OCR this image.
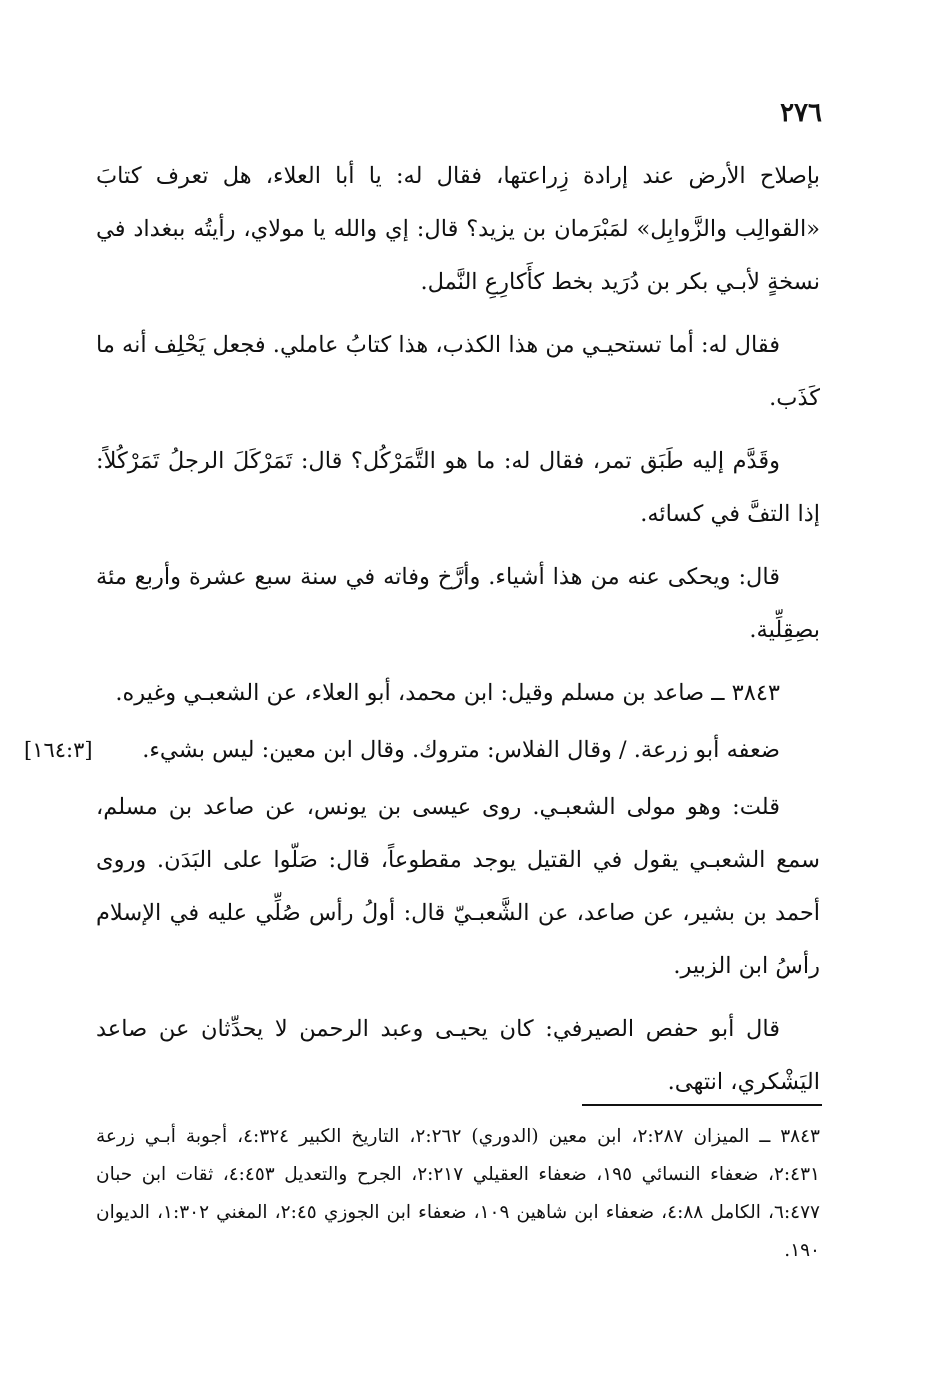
٢٧٦

بإصلاح الأرض عند إرادة زِراعتها، فقال له: يا أبا العلاء، هل تعرف كتابَ «القوالِب والزَّوابِل» لمَبْرَمان بن يزيد؟ قال: إي والله يا مولاي، رأيتُه ببغداد في نسخةٍ لأبـي بكر بن دُرَيد بخط كأَكارِعِ النَّمل.

فقال له: أما تستحيـي من هذا الكذب، هذا كتابُ عاملي. فجعل يَحْلِف أنه ما كَذَب.

وقَدَّم إليه طَبَق تمر، فقال له: ما هو التَّمَرْكُل؟ قال: تَمَرْكَلَ الرجلُ تَمَرْكُلاً: إذا التفَّ في كسائه.

قال: ويحكى عنه من هذا أشياء. وأرَّخ وفاته في سنة سبع عشرة وأربع مئة بصِقِلِّية.

٣٨٤٣ ــ صاعد بن مسلم وقيل: ابن محمد، أبو العلاء، عن الشعبـي وغيره.

ضعفه أبو زرعة. / وقال الفلاس: متروك. وقال ابن معين: ليس بشيء.

[١٦٤:٣]

قلت: وهو مولى الشعبـي. روى عيسى بن يونس، عن صاعد بن مسلم، سمع الشعبـي يقول في القتيل يوجد مقطوعاً، قال: صَلّوا على البَدَن. وروى أحمد بن بشير، عن صاعد، عن الشَّعبـيّ قال: أولُ رأس صُلِّي عليه في الإسلام رأسُ ابن الزبير.

قال أبو حفص الصيرفي: كان يحيـى وعبد الرحمن لا يحدِّثان عن صاعد اليَشْكري، انتهى.

٣٨٤٣ ــ الميزان ٢:٢٨٧، ابن معين (الدوري) ٢:٢٦٢، التاريخ الكبير ٤:٣٢٤، أجوبة أبـي زرعة ٢:٤٣١، ضعفاء النسائي ١٩٥، ضعفاء العقيلي ٢:٢١٧، الجرح والتعديل ٤:٤٥٣، ثقات ابن حبان ٦:٤٧٧، الكامل ٤:٨٨، ضعفاء ابن شاهين ١٠٩، ضعفاء ابن الجوزي ٢:٤٥، المغني ١:٣٠٢، الديوان ١٩٠.
